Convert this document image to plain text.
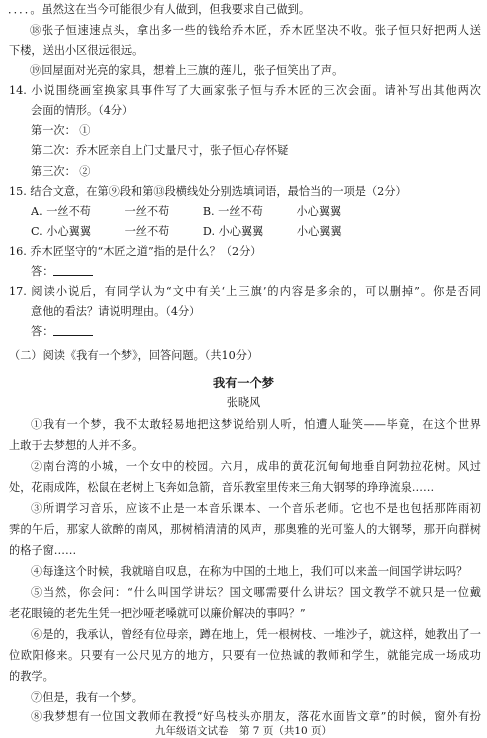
．．．．。虽然这在当今可能很少有人做到，但我要求自己做到。
⑱张子恒速速点头，拿出多一些的钱给乔木匠，乔木匠坚决不收。张子恒只好把两人送
下楼，送出小区很远很远。
⑲回屋面对光亮的家具，想着上三旗的莲儿，张子恒笑出了声。
14. 小说围绕画室换家具事件写了大画家张子恒与乔木匠的三次会面。请补写出其他两次
会面的情形。（4分）
第一次： ①
第二次：乔木匠亲自上门丈量尺寸，张子恒心存怀疑
第三次： ②
15. 结合文意，在第⑨段和第⑬段横线处分别选填词语，最恰当的一项是（2分）
A. 一丝不苟　　　一丝不苟　　　B. 一丝不苟　　　小心翼翼
C. 小心翼翼　　　一丝不苟　　　D. 小心翼翼　　　小心翼翼
16. 乔木匠坚守的“木匠之道”指的是什么？（2分）
答：
17. 阅读小说后，有同学认为“文中有关‘上三旗’的内容是多余的，可以删掉”。你是否同
意他的看法？请说明理由。（4分）
答：
（二）阅读《我有一个梦》，回答问题。（共10分）
我有一个梦
张晓风
①我有一个梦，我不太敢轻易地把这梦说给别人听，怕遭人耻笑——毕竟，在这个世界
上敢于去梦想的人并不多。
②南台湾的小城，一个女中的校园。六月，成串的黄花沉甸甸地垂自阿勃拉花树。风过
处，花雨成阵，松鼠在老树上飞奔如急箭，音乐教室里传来三角大钢琴的琤琤流泉……
③所谓学习音乐，应该不止是一本音乐课本、一个音乐老师。它也不是也包括那阵雨初
霁的午后，那家人欲醉的南风，那树梢清清的风声，那奥雅的光可鉴人的大钢琴，那开向群树
的格子窗……
④每逢这个时候，我就暗自叹息，在称为中国的土地上，我们可以来盖一间国学讲坛吗？
⑤当然，你会问：“什么叫国学讲坛？国文哪需要什么讲坛？国文教学不就只是一位戴
老花眼镜的老先生凭一把沙哑老嗓就可以廉价解决的事吗？”
⑥是的，我承认，曾经有位母亲，蹲在地上，凭一根树枝、一堆沙子，就这样，她教出了一
位欧阳修来。只要有一公尺见方的地方，只要有一位热诚的教师和学生，就能完成一场成功
的教学。
⑦但是，我有一个梦。
⑧我梦想有一位国文教师在教授“好鸟枝头亦朋友，落花水面皆文章”的时候，窗外有扮
九年级语文试卷　第 7 页（共10 页）
